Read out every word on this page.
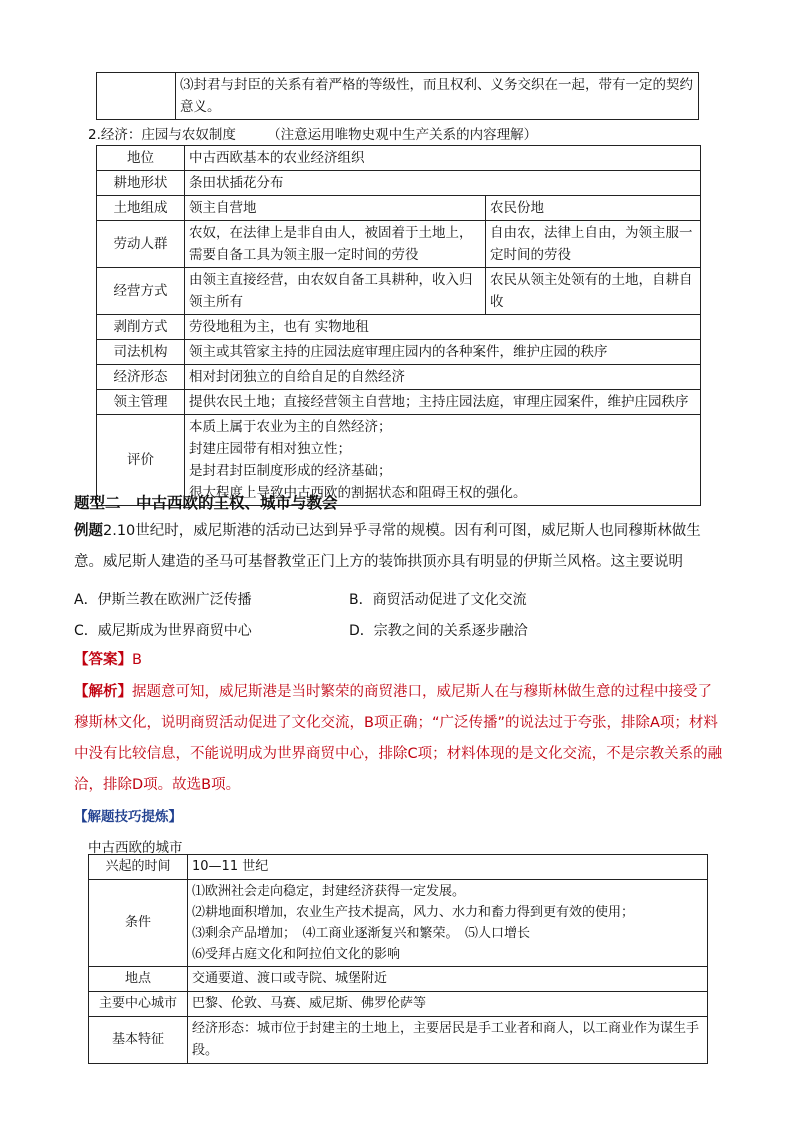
	⑶封君与封臣的关系有着严格的等级性，而且权利、义务交织在一起，带有一定的契约意义。
2.经济：庄园与农奴制度　　 （注意运用唯物史观中生产关系的内容理解）
地位	中古西欧基本的农业经济组织	
耕地形状	条田状插花分布	
土地组成	领主自营地	农民份地
劳动人群	农奴，在法律上是非自由人，被固着于土地上，需要自备工具为领主服一定时间的劳役	自由农，法律上自由，为领主服一定时间的劳役
经营方式	由领主直接经营，由农奴自备工具耕种，收入归领主所有	农民从领主处领有的土地，自耕自收
剥削方式	劳役地租为主，也有 实物地租	
司法机构	领主或其管家主持的庄园法庭审理庄园内的各种案件，维护庄园的秩序	
经济形态	相对封闭独立的自给自足的自然经济	
领主管理	提供农民土地；直接经营领主自营地；主持庄园法庭，审理庄园案件，维护庄园秩序	
评价	本质上属于农业为主的自然经济；
封建庄园带有相对独立性；
是封君封臣制度形成的经济基础；
很大程度上导致中古西欧的割据状态和阻碍王权的强化。	
题型二　中古西欧的王权、城市与教会
例题2.10世纪时，威尼斯港的活动已达到异乎寻常的规模。因有利可图，威尼斯人也同穆斯林做生意。威尼斯人建造的圣马可基督教堂正门上方的装饰拱顶亦具有明显的伊斯兰风格。这主要说明
A．伊斯兰教在欧洲广泛传播	B．商贸活动促进了文化交流
C．威尼斯成为世界商贸中心	D．宗教之间的关系逐步融洽
【答案】B
【解析】据题意可知，威尼斯港是当时繁荣的商贸港口，威尼斯人在与穆斯林做生意的过程中接受了穆斯林文化，说明商贸活动促进了文化交流，B项正确；“广泛传播”的说法过于夸张，排除A项；材料中没有比较信息，不能说明成为世界商贸中心，排除C项；材料体现的是文化交流，不是宗教关系的融洽，排除D项。故选B项。
【解题技巧提炼】
中古西欧的城市
兴起的时间	10—11 世纪
条件	⑴欧洲社会走向稳定，封建经济获得一定发展。
⑵耕地面积增加，农业生产技术提高，风力、水力和畜力得到更有效的使用；
⑶剩余产品增加；　⑷工商业逐渐复兴和繁荣。　⑸人口增长
⑹受拜占庭文化和阿拉伯文化的影响

地点	交通要道、渡口或寺院、城堡附近
主要中心城市	巴黎、伦敦、马赛、威尼斯、佛罗伦萨等
基本特征	经济形态：城市位于封建主的土地上，主要居民是手工业者和商人，以工商业作为谋生手段。
